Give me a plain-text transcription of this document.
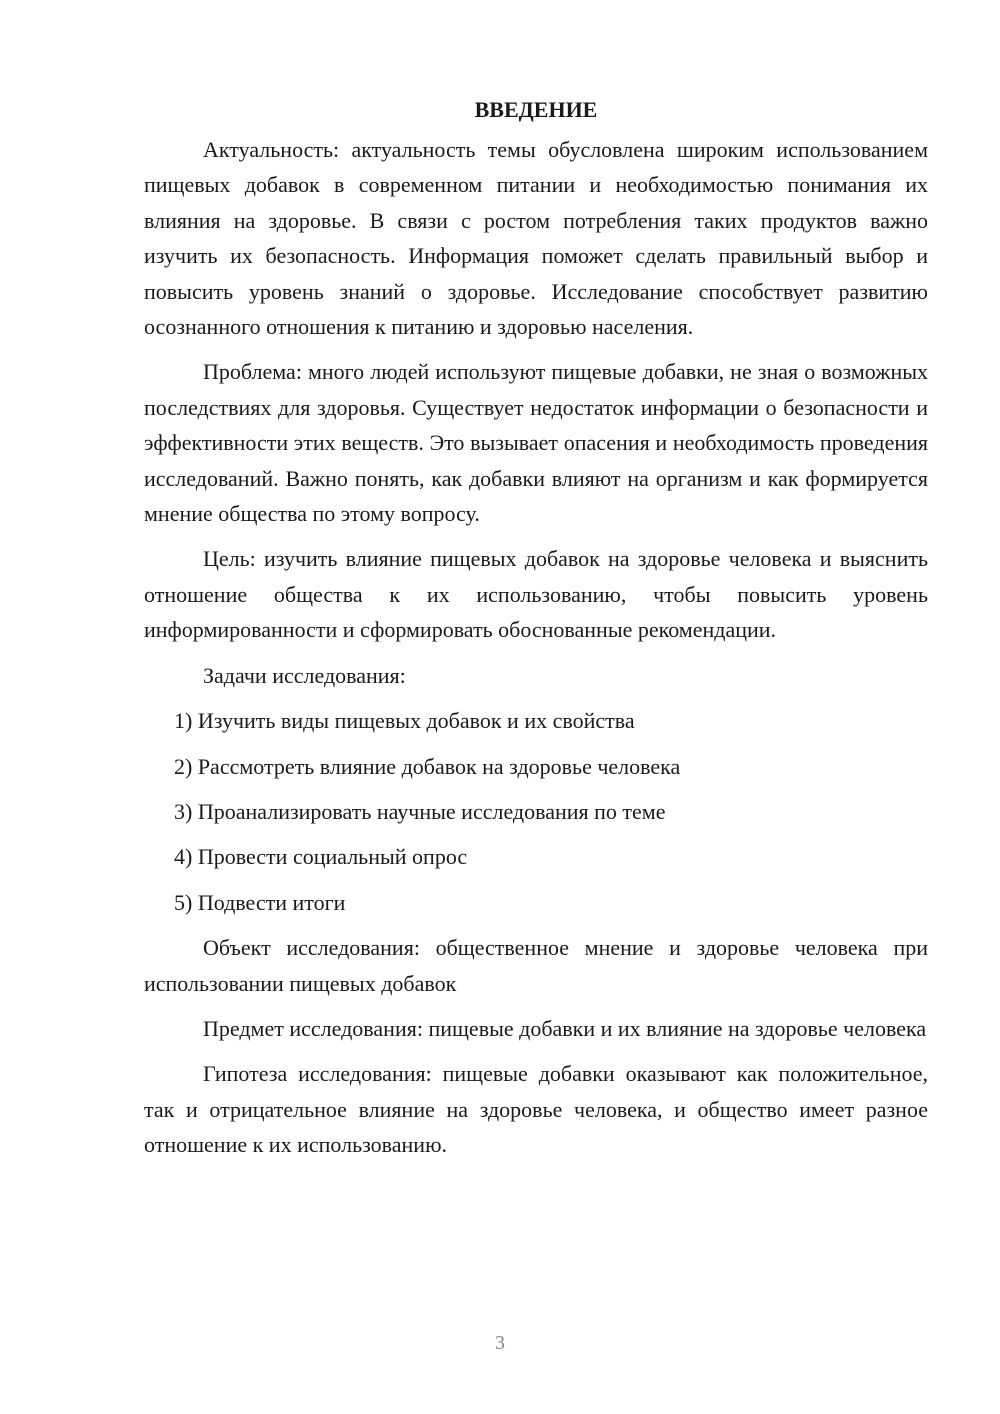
ВВЕДЕНИЕ

Актуальность: актуальность темы обусловлена широким использованием пищевых добавок в современном питании и необходимостью понимания их влияния на здоровье. В связи с ростом потребления таких продуктов важно изучить их безопасность. Информация поможет сделать правильный выбор и повысить уровень знаний о здоровье. Исследование способствует развитию осознанного отношения к питанию и здоровью населения.

Проблема: много людей используют пищевые добавки, не зная о возможных последствиях для здоровья. Существует недостаток информации о безопасности и эффективности этих веществ. Это вызывает опасения и необходимость проведения исследований. Важно понять, как добавки влияют на организм и как формируется мнение общества по этому вопросу.

Цель: изучить влияние пищевых добавок на здоровье человека и выяснить отношение общества к их использованию, чтобы повысить уровень информированности и сформировать обоснованные рекомендации.

Задачи исследования:

1) Изучить виды пищевых добавок и их свойства
2) Рассмотреть влияние добавок на здоровье человека
3) Проанализировать научные исследования по теме
4) Провести социальный опрос
5) Подвести итоги

Объект исследования: общественное мнение и здоровье человека при использовании пищевых добавок

Предмет исследования: пищевые добавки и их влияние на здоровье человека

Гипотеза исследования: пищевые добавки оказывают как положительное, так и отрицательное влияние на здоровье человека, и общество имеет разное отношение к их использованию.

3
